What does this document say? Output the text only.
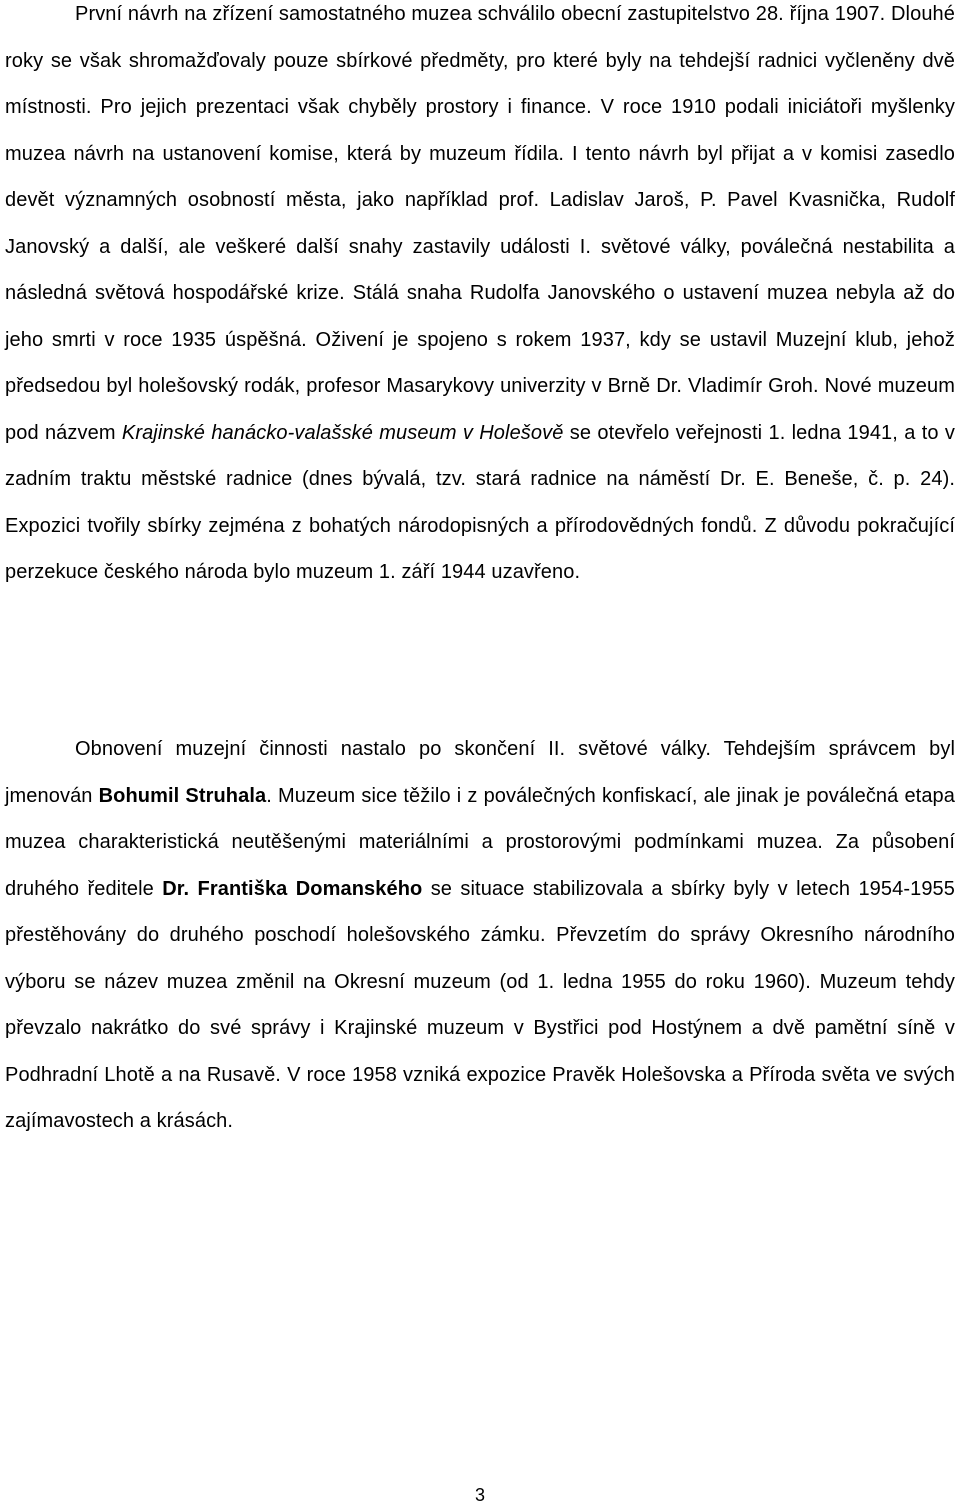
První návrh na zřízení samostatného muzea schválilo obecní zastupitelstvo 28. října 1907. Dlouhé roky se však shromažďovaly pouze sbírkové předměty, pro které byly na tehdejší radnici vyčleněny dvě místnosti. Pro jejich prezentaci však chyběly prostory i finance. V roce 1910 podali iniciátoři myšlenky muzea návrh na ustanovení komise, která by muzeum řídila. I tento návrh byl přijat a v komisi zasedlo devět významných osobností města, jako například prof. Ladislav Jaroš, P. Pavel Kvasnička, Rudolf Janovský a další, ale veškeré další snahy zastavily události I. světové války, poválečná nestabilita a následná světová hospodářské krize. Stálá snaha Rudolfa Janovského o ustavení muzea nebyla až do jeho smrti v roce 1935 úspěšná. Oživení je spojeno s rokem 1937, kdy se ustavil Muzejní klub, jehož předsedou byl holešovský rodák, profesor Masarykovy univerzity v Brně Dr. Vladimír Groh. Nové muzeum pod názvem Krajinské hanácko-valašské museum v Holešově se otevřelo veřejnosti 1. ledna 1941, a to v zadním traktu městské radnice (dnes bývalá, tzv. stará radnice na náměstí Dr. E. Beneše, č. p. 24). Expozici tvořily sbírky zejména z bohatých národopisných a přírodovědných fondů. Z důvodu pokračující perzekuce českého národa bylo muzeum 1. září 1944 uzavřeno.

Obnovení muzejní činnosti nastalo po skončení II. světové války. Tehdejším správcem byl jmenován Bohumil Struhala. Muzeum sice těžilo i z poválečných konfiskací, ale jinak je poválečná etapa muzea charakteristická neutěšenými materiálními a prostorovými podmínkami muzea. Za působení druhého ředitele Dr. Františka Domanského se situace stabilizovala a sbírky byly v letech 1954-1955 přestěhovány do druhého poschodí holešovského zámku. Převzetím do správy Okresního národního výboru se název muzea změnil na Okresní muzeum (od 1. ledna 1955 do roku 1960). Muzeum tehdy převzalo nakrátko do své správy i Krajinské muzeum v Bystřici pod Hostýnem a dvě pamětní síně v Podhradní Lhotě a na Rusavě. V roce 1958 vzniká expozice Pravěk Holešovska a Příroda světa ve svých zajímavostech a krásách.

3
